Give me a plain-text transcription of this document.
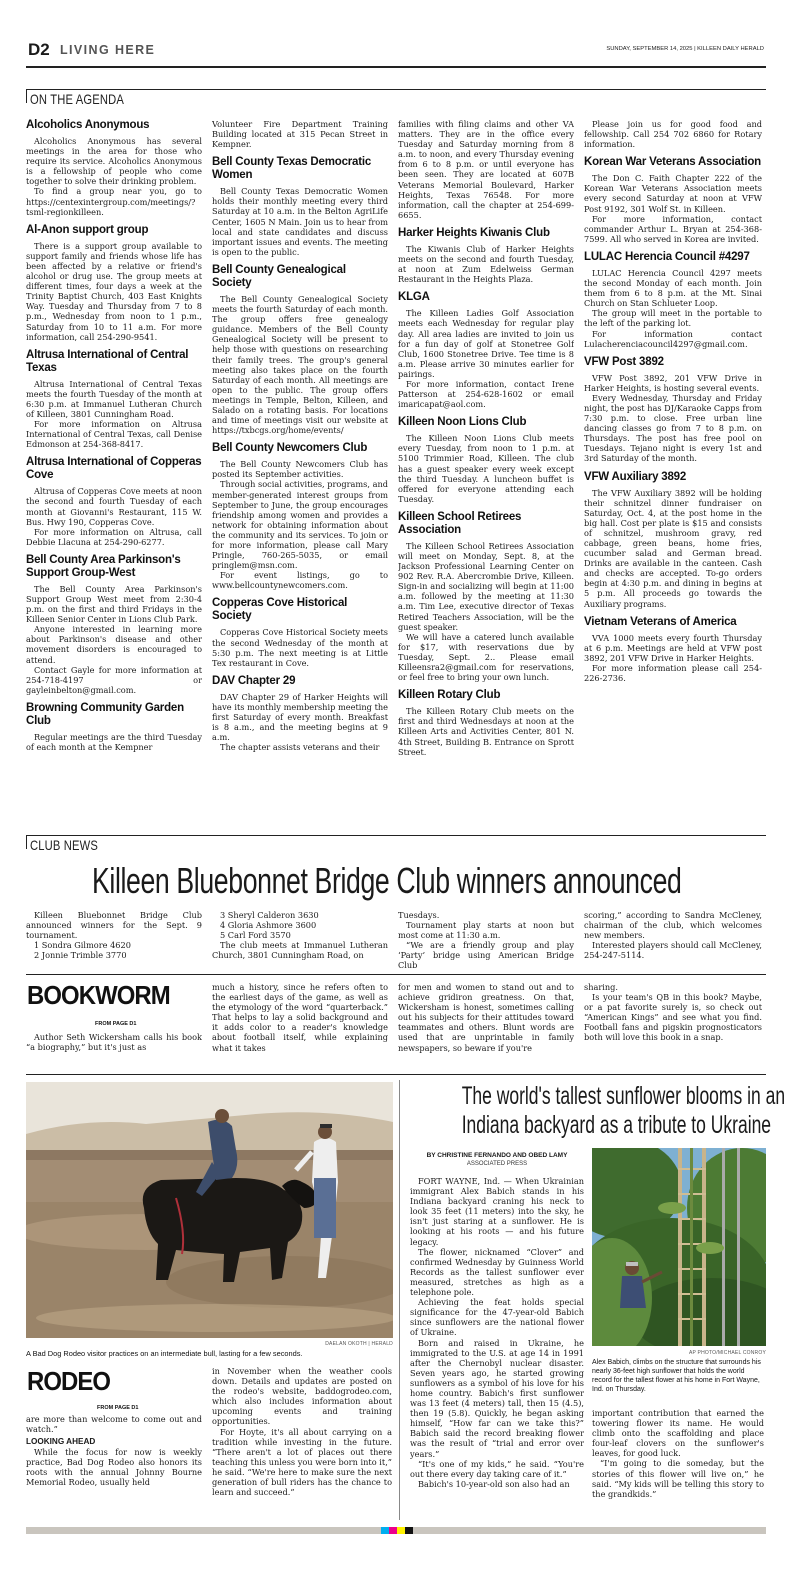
D2 LIVING HERE	SUNDAY, SEPTEMBER 14, 2025 | KILLEEN DAILY HERALD
ON THE AGENDA
Alcoholics Anonymous

Alcoholics Anonymous has several meetings in the area for those who require its service. Alcoholics Anonymous is a fellowship of people who come together to solve their drinking problem.

To find a group near you, go to https://centexintergroup.com/meetings/?tsml-regionkilleen.

Al-Anon support group

There is a support group available to support family and friends whose life has been affected by a relative or friend's alcohol or drug use. The group meets at different times, four days a week at the Trinity Baptist Church, 403 East Knights Way. Tuesday and Thursday from 7 to 8 p.m., Wednesday from noon to 1 p.m., Saturday from 10 to 11 a.m. For more information, call 254-290-9541.

Altrusa International of Central Texas

Altrusa International of Central Texas meets the fourth Tuesday of the month at 6:30 p.m. at Immanuel Lutheran Church of Killeen, 3801 Cunningham Road.

For more information on Altrusa International of Central Texas, call Denise Edmonson at 254-368-8417.

Altrusa International of Copperas Cove

Altrusa of Copperas Cove meets at noon the second and fourth Tuesday of each month at Giovanni's Restaurant, 115 W. Bus. Hwy 190, Copperas Cove.

For more information on Altrusa, call Debbie Llacuna at 254-290-6277.

Bell County Area Parkinson's Support Group-West

The Bell County Area Parkinson's Support Group West meet from 2:30-4 p.m. on the first and third Fridays in the Killeen Senior Center in Lions Club Park.

Anyone interested in learning more about Parkinson's disease and other movement disorders is encouraged to attend.

Contact Gayle for more information at 254-718-4197 or gayleinbelton@gmail.com.

Browning Community Garden Club

Regular meetings are the third Tuesday of each month at the Kempner

Volunteer Fire Department Training Building located at 315 Pecan Street in Kempner.

Bell County Texas Democratic Women

Bell County Texas Democratic Women holds their monthly meeting every third Saturday at 10 a.m. in the Belton AgriLife Center, 1605 N Main. Join us to hear from local and state candidates and discuss important issues and events. The meeting is open to the public.

Bell County Genealogical Society

The Bell County Genealogical Society meets the fourth Saturday of each month. The group offers free genealogy guidance. Members of the Bell County Genealogical Society will be present to help those with questions on researching their family trees. The group's general meeting also takes place on the fourth Saturday of each month. All meetings are open to the public. The group offers meetings in Temple, Belton, Killeen, and Salado on a rotating basis. For locations and time of meetings visit our website at https://txbcgs.org/home/events/

Bell County Newcomers Club

The Bell County Newcomers Club has posted its September activities.

Through social activities, programs, and member-generated interest groups from September to June, the group encourages friendship among women and provides a network for obtaining information about the community and its services. To join or for more information, please call Mary Pringle, 760-265-5035, or email pringlem@msn.com.

For event listings, go to www.bellcountynewcomers.com.

Copperas Cove Historical Society

Copperas Cove Historical Society meets the second Wednesday of the month at 5:30 p.m. The next meeting is at Little Tex restaurant in Cove.

DAV Chapter 29

DAV Chapter 29 of Harker Heights will have its monthly membership meeting the first Saturday of every month. Breakfast is 8 a.m., and the meeting begins at 9 a.m.

The chapter assists veterans and their

families with filing claims and other VA matters. They are in the office every Tuesday and Saturday morning from 8 a.m. to noon, and every Thursday evening from 6 to 8 p.m. or until everyone has been seen. They are located at 607B Veterans Memorial Boulevard, Harker Heights, Texas 76548. For more information, call the chapter at 254-699-6655.

Harker Heights Kiwanis Club

The Kiwanis Club of Harker Heights meets on the second and fourth Tuesday, at noon at Zum Edelweiss German Restaurant in the Heights Plaza.

KLGA

The Killeen Ladies Golf Association meets each Wednesday for regular play day. All area ladies are invited to join us for a fun day of golf at Stonetree Golf Club, 1600 Stonetree Drive. Tee time is 8 a.m. Please arrive 30 minutes earlier for pairings.

For more information, contact Irene Patterson at 254-628-1602 or email imaricapat@aol.com.

Killeen Noon Lions Club

The Killeen Noon Lions Club meets every Tuesday, from noon to 1 p.m. at 5100 Trimmier Road, Killeen. The club has a guest speaker every week except the third Tuesday. A luncheon buffet is offered for everyone attending each Tuesday.

Killeen School Retirees Association

The Killeen School Retirees Association will meet on Monday, Sept. 8, at the Jackson Professional Learning Center on 902 Rev. R.A. Abercrombie Drive, Killeen. Sign-in and socializing will begin at 11:00 a.m. followed by the meeting at 11:30 a.m. Tim Lee, executive director of Texas Retired Teachers Association, will be the guest speaker.

We will have a catered lunch available for $17, with reservations due by Tuesday, Sept. 2.. Please email Killeensra2@gmail.com for reservations, or feel free to bring your own lunch.

Killeen Rotary Club

The Killeen Rotary Club meets on the first and third Wednesdays at noon at the Killeen Arts and Activities Center, 801 N. 4th Street, Building B. Entrance on Sprott Street.

Please join us for good food and fellowship. Call 254 702 6860 for Rotary information.

Korean War Veterans Association

The Don C. Faith Chapter 222 of the Korean War Veterans Association meets every second Saturday at noon at VFW Post 9192, 301 Wolf St. in Killeen.

For more information, contact commander Arthur L. Bryan at 254-368-7599. All who served in Korea are invited.

LULAC Herencia Council #4297

LULAC Herencia Council 4297 meets the second Monday of each month. Join them from 6 to 8 p.m. at the Mt. Sinai Church on Stan Schlueter Loop.

The group will meet in the portable to the left of the parking lot.

For information contact Lulacherenciacouncil4297@gmail.com.

VFW Post 3892

VFW Post 3892, 201 VFW Drive in Harker Heights, is hosting several events.

Every Wednesday, Thursday and Friday night, the post has DJ/Karaoke Capps from 7:30 p.m. to close. Free urban line dancing classes go from 7 to 8 p.m. on Thursdays. The post has free pool on Tuesdays. Tejano night is every 1st and 3rd Saturday of the month.

VFW Auxiliary 3892

The VFW Auxiliary 3892 will be holding their schnitzel dinner fundraiser on Saturday, Oct. 4, at the post home in the big hall. Cost per plate is $15 and consists of schnitzel, mushroom gravy, red cabbage, green beans, home fries, cucumber salad and German bread. Drinks are available in the canteen. Cash and checks are accepted. To-go orders begin at 4:30 p.m. and dining in begins at 5 p.m. All proceeds go towards the Auxiliary programs.

Vietnam Veterans of America

VVA 1000 meets every fourth Thursday at 6 p.m. Meetings are held at VFW post 3892, 201 VFW Drive in Harker Heights.

For more information please call 254-226-2736.

CLUB NEWS
Killeen Bluebonnet Bridge Club winners announced

Killeen Bluebonnet Bridge Club announced winners for the Sept. 9 tournament.

1 Sondra Gilmore 4620

2 Jonnie Trimble 3770

3 Sheryl Calderon 3630

4 Gloria Ashmore 3600

5 Carl Ford 3570

The club meets at Immanuel Lutheran Church, 3801 Cunningham Road, on

Tuesdays.

Tournament play starts at noon but most come at 11:30 a.m.

“We are a friendly group and play ‘Party’ bridge using American Bridge Club

scoring,” according to Sandra McCleney, chairman of the club, which welcomes new members.

Interested players should call McCleney, 254-247-5114.

BOOKWORM
FROM PAGE D1

Author Seth Wickersham calls his book “a biography,” but it's just as

much a history, since he refers often to the earliest days of the game, as well as the etymology of the word “quarterback.” That helps to lay a solid background and it adds color to a reader's knowledge about football itself, while explaining what it takes

for men and women to stand out and to achieve gridiron greatness. On that, Wickersham is honest, sometimes calling out his subjects for their attitudes toward teammates and others. Blunt words are used that are unprintable in family newspapers, so beware if you're

sharing.

Is your team's QB in this book? Maybe, or a pat favorite surely is, so check out “American Kings” and see what you find. Football fans and pigskin prognosticators both will love this book in a snap.

DAELAN OKOTH | HERALD
A Bad Dog Rodeo visitor practices on an intermediate bull, lasting for a few seconds.
RODEO
FROM PAGE D1

are more than welcome to come out and watch.”

LOOKING AHEAD

While the focus for now is weekly practice, Bad Dog Rodeo also honors its roots with the annual Johnny Bourne Memorial Rodeo, usually held

in November when the weather cools down. Details and updates are posted on the rodeo's website, baddogrodeo.com, which also includes information about upcoming events and training opportunities.

For Hoyte, it's all about carrying on a tradition while investing in the future. “There aren't a lot of places out there teaching this unless you were born into it,” he said. “We're here to make sure the next generation of bull riders has the chance to learn and succeed.”

The world's tallest sunflower blooms in an
Indiana backyard as a tribute to Ukraine
BY CHRISTINE FERNANDO AND OBED LAMY
ASSOCIATED PRESS

FORT WAYNE, Ind. — When Ukrainian immigrant Alex Babich stands in his Indiana backyard craning his neck to look 35 feet (11 meters) into the sky, he isn't just staring at a sunflower. He is looking at his roots — and his future legacy.

The flower, nicknamed “Clover” and confirmed Wednesday by Guinness World Records as the tallest sunflower ever measured, stretches as high as a telephone pole.

Achieving the feat holds special significance for the 47-year-old Babich since sunflowers are the national flower of Ukraine.

Born and raised in Ukraine, he immigrated to the U.S. at age 14 in 1991 after the Chernobyl nuclear disaster. Seven years ago, he started growing sunflowers as a symbol of his love for his home country. Babich's first sunflower was 13 feet (4 meters) tall, then 15 (4.5), then 19 (5.8). Quickly, he began asking himself, “How far can we take this?” Babich said the record breaking flower was the result of “trial and error over years.”

“It's one of my kids,” he said. “You're out there every day taking care of it.”

Babich's 10-year-old son also had an

AP PHOTO/MICHAEL CONROY
Alex Babich, climbs on the structure that surrounds his nearly 36-feet high sunflower that holds the world record for the tallest flower at his home in Fort Wayne, Ind. on Thursday.

important contribution that earned the towering flower its name. He would climb onto the scaffolding and place four-leaf clovers on the sunflower's leaves, for good luck.

“I'm going to die someday, but the stories of this flower will live on,” he said. “My kids will be telling this story to the grandkids.”
